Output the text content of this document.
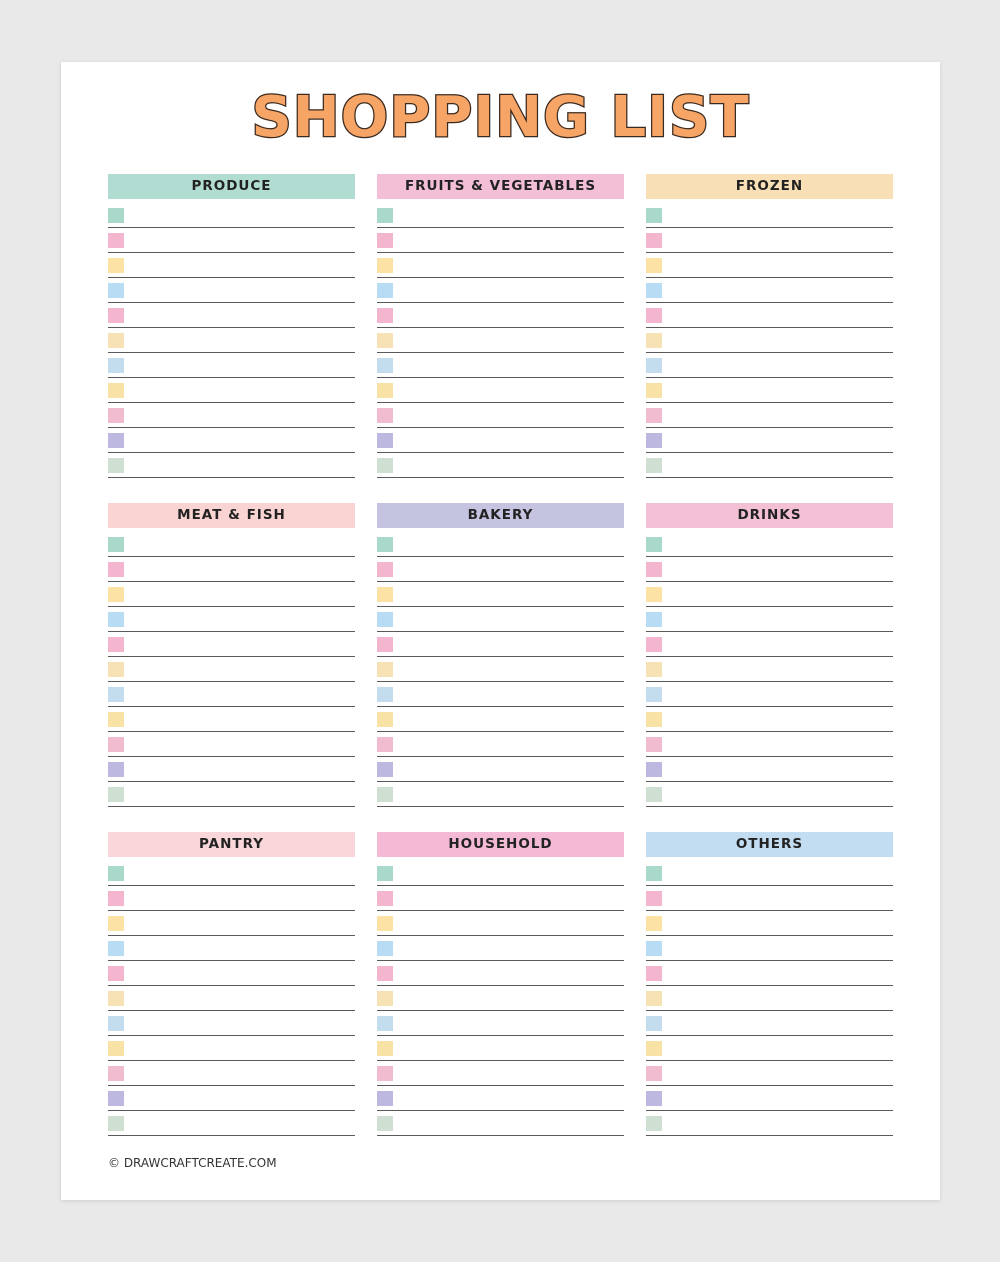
SHOPPING LIST
PRODUCE	FRUITS & VEGETABLES	FROZEN
MEAT & FISH	BAKERY	DRINKS
PANTRY	HOUSEHOLD	OTHERS
© DRAWCRAFTCREATE.COM
